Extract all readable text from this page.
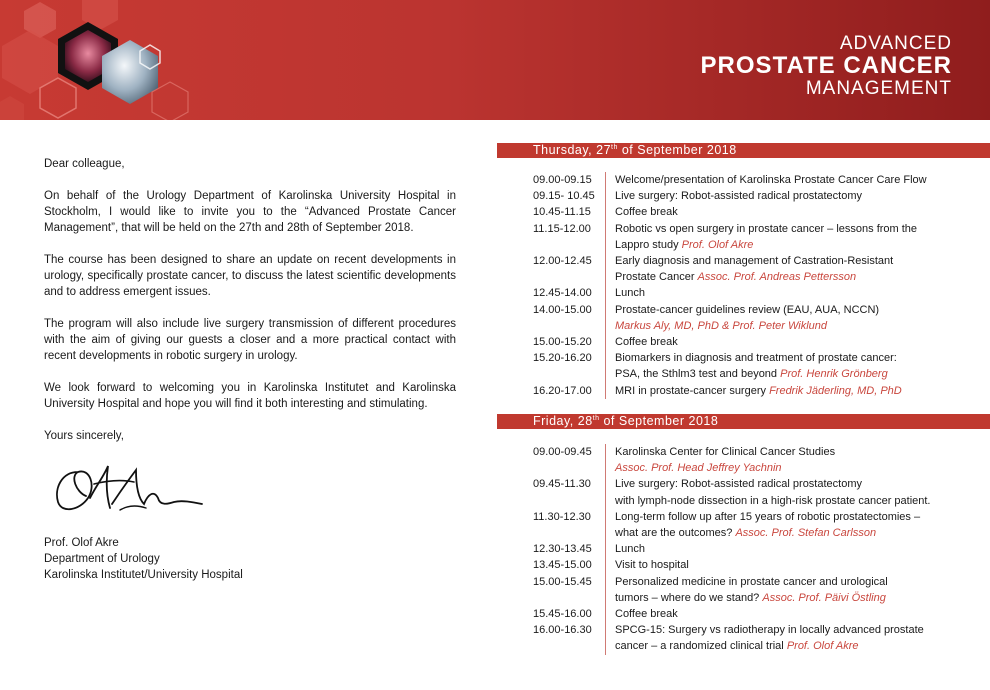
ADVANCED
PROSTATE CANCER
MANAGEMENT

Dear colleague,

On behalf of the Urology Department of Karolinska University Hospital in Stockholm, I would like to invite you to the “Advanced Prostate Cancer Management”, that will be held on the 27th and 28th of September 2018.

The course has been designed to share an update on recent developments in urology, specifically prostate cancer, to discuss the latest scientific developments and to address emergent issues.

The program will also include live surgery transmission of different procedures with the aim of giving our guests a closer and a more practical contact with recent developments in robotic surgery in urology.

We look forward to welcoming you in Karolinska Institutet and Karolinska University Hospital and hope you will find it both interesting and stimulating.

Yours sincerely,

Prof. Olof Akre
Department of Urology
Karolinska Institutet/University Hospital
Thursday, 27th of September 2018
09.00-09.15	Welcome/presentation of Karolinska Prostate Cancer Care Flow
09.15- 10.45	Live surgery: Robot-assisted radical prostatectomy
10.45-11.15	Coffee break
11.15-12.00	Robotic vs open surgery in prostate cancer – lessons from the
Lappro study Prof. Olof Akre
12.00-12.45	Early diagnosis and management of Castration-Resistant
Prostate Cancer Assoc. Prof. Andreas Pettersson
12.45-14.00	Lunch
14.00-15.00	Prostate-cancer guidelines review (EAU, AUA, NCCN)
Markus Aly, MD, PhD & Prof. Peter Wiklund
15.00-15.20	Coffee break
15.20-16.20	Biomarkers in diagnosis and treatment of prostate cancer:
PSA, the Sthlm3 test and beyond Prof. Henrik Grönberg
16.20-17.00	MRI in prostate-cancer surgery Fredrik Jäderling, MD, PhD
Friday, 28th of September 2018
09.00-09.45	Karolinska Center for Clinical Cancer Studies
Assoc. Prof. Head Jeffrey Yachnin
09.45-11.30	Live surgery: Robot-assisted radical prostatectomy
with lymph-node dissection in a high-risk prostate cancer patient.
11.30-12.30	Long-term follow up after 15 years of robotic prostatectomies –
what are the outcomes? Assoc. Prof. Stefan Carlsson
12.30-13.45	Lunch
13.45-15.00	Visit to hospital
15.00-15.45	Personalized medicine in prostate cancer and urological
tumors – where do we stand? Assoc. Prof. Päivi Östling
15.45-16.00	Coffee break
16.00-16.30	SPCG-15: Surgery vs radiotherapy in locally advanced prostate
cancer – a randomized clinical trial Prof. Olof Akre
